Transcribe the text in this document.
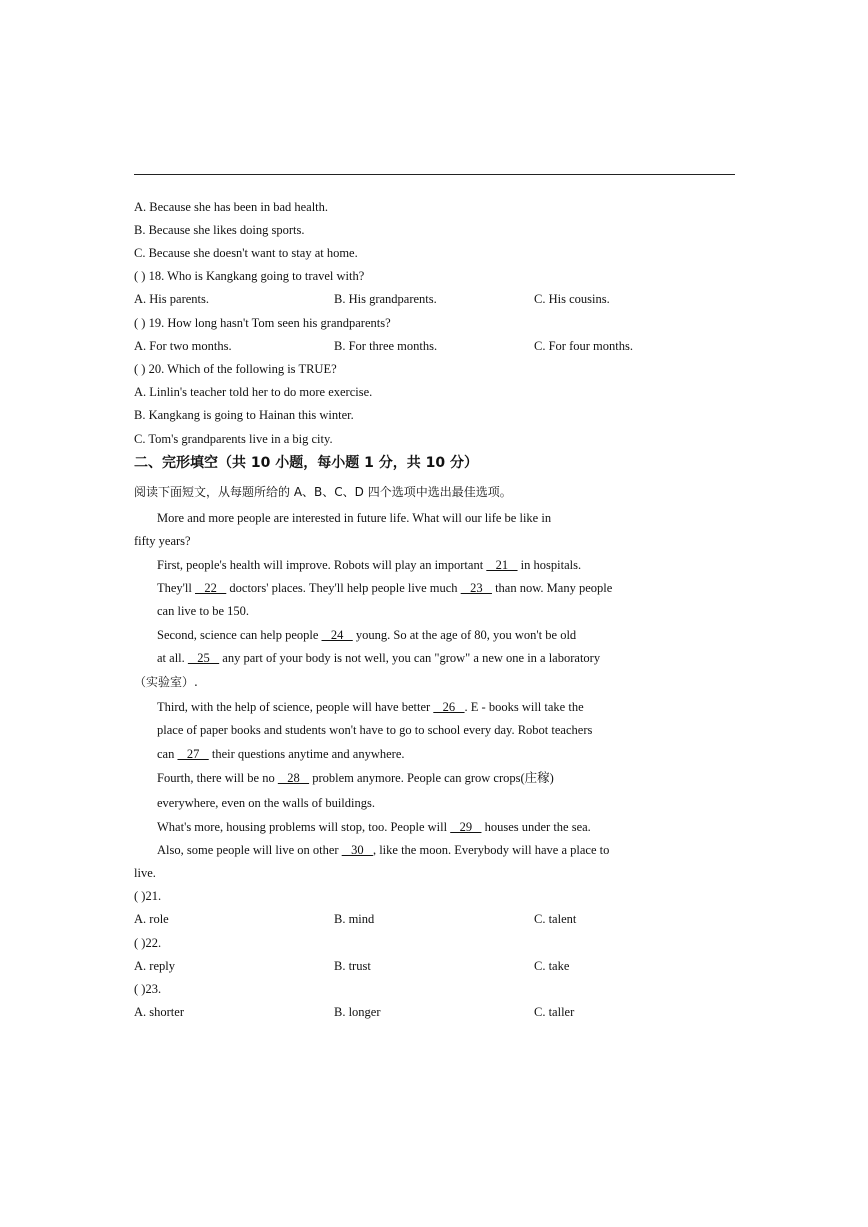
A. Because she has been in bad health.
B. Because she likes doing sports.
C. Because she doesn't want to stay at home.
( ) 18. Who is Kangkang going to travel with?
A. His parents.	B. His grandparents.	C. His cousins.
( ) 19. How long hasn't Tom seen his grandparents?
A. For two months.	B. For three months.	C. For four months.
( ) 20. Which of the following is TRUE?
A. Linlin's teacher told her to do more exercise.
B. Kangkang is going to Hainan this winter.
C. Tom's grandparents live in a big city.
二、完形填空（共 10 小题，每小题 1 分，共 10 分）
阅读下面短文，从每题所给的 A、B、C、D 四个选项中选出最佳选项。
More and more people are interested in future life. What will our life be like in
fifty years?
First, people's health will improve. Robots will play an important    21    in hospitals.
They'll    22    doctors' places. They'll help people live much    23    than now. Many people
can live to be 150.
Second, science can help people    24    young. So at the age of 80, you won't be old
at all.    25    any part of your body is not well, you can "grow" a new one in a laboratory
（实验室）.
Third, with the help of science, people will have better    26   . E - books will take the
place of paper books and students won't have to go to school every day. Robot teachers
can    27    their questions anytime and anywhere.
Fourth, there will be no    28    problem anymore. People can grow crops(庄稼)
everywhere, even on the walls of buildings.
What's more, housing problems will stop, too. People will    29    houses under the sea.
Also, some people will live on other    30   , like the moon. Everybody will have a place to
live.
( )21.
A. role	B. mind	C. talent
( )22.
A. reply	B. trust	C. take
( )23.
A. shorter	B. longer	C. taller
